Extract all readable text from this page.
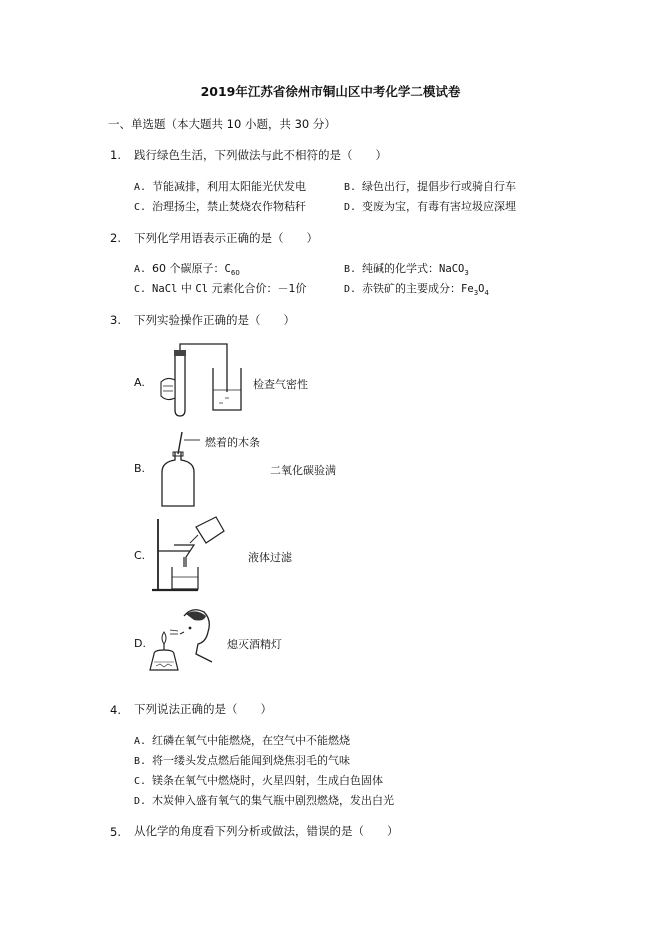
2019年江苏省徐州市铜山区中考化学二模试卷
一、单选题（本大题共 10 小题，共 30 分）
1. 践行绿色生活，下列做法与此不相符的是（　　）
A. 节能减排，利用太阳能光伏发电	B. 绿色出行，提倡步行或骑自行车
C. 治理扬尘，禁止焚烧农作物秸秆	D. 变废为宝，有毒有害垃圾应深埋
2. 下列化学用语表示正确的是（　　）
A. 60 个碳原子：$C_{60}$	B. 纯碱的化学式：NaCO$_3$
C. NaCl 中 Cl 元素化合价：－1价	D. 赤铁矿的主要成分：$Fe_3O_4$
3. 下列实验操作正确的是（　　）
A.	检查气密性
B.
燃着的木条
二氧化碳验满
C.	液体过滤
D.	熄灭酒精灯
4. 下列说法正确的是（　　）
A. 红磷在氧气中能燃烧，在空气中不能燃烧
B. 将一缕头发点燃后能闻到烧焦羽毛的气味
C. 镁条在氧气中燃烧时，火星四射，生成白色固体
D. 木炭伸入盛有氧气的集气瓶中剧烈燃烧，发出白光
5. 从化学的角度看下列分析或做法，错误的是（　　）
